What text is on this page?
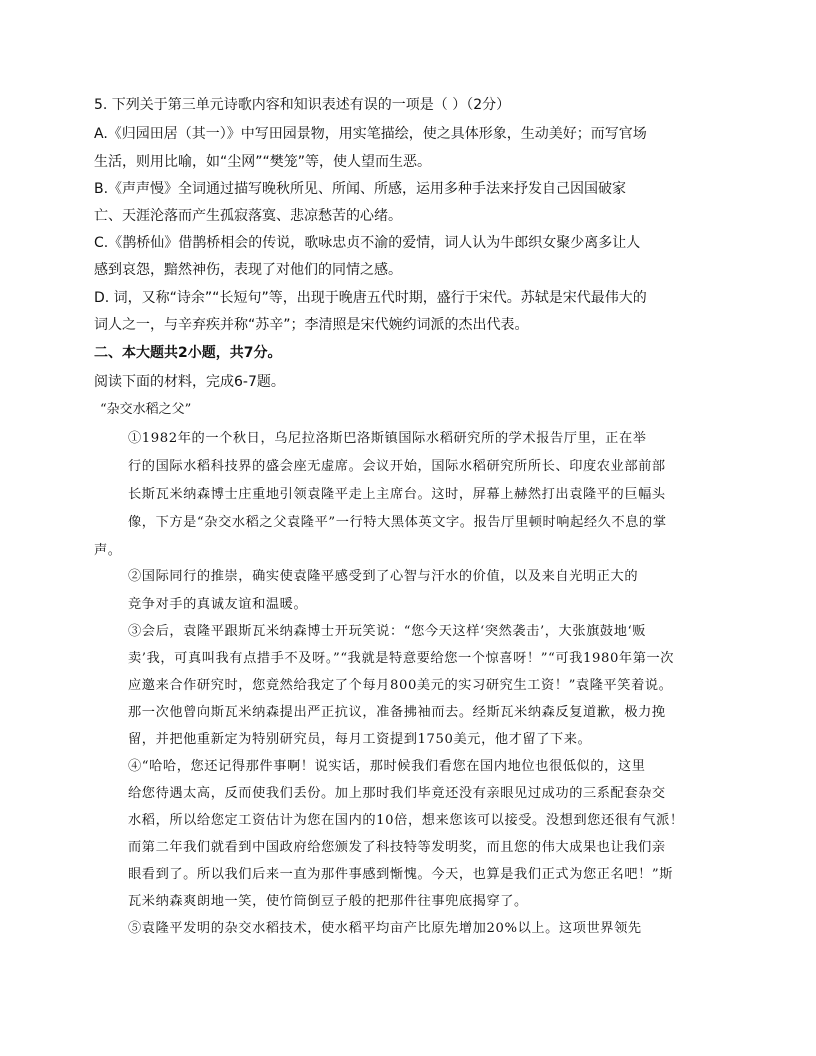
5. 下列关于第三单元诗歌内容和知识表述有误的一项是（ ）（2分）
A.《归园田居（其一）》中写田园景物，用实笔描绘，使之具体形象，生动美好；而写官场
生活，则用比喻，如“尘网”“樊笼”等，使人望而生恶。
B.《声声慢》全词通过描写晚秋所见、所闻、所感，运用多种手法来抒发自己因国破家
亡、天涯沦落而产生孤寂落寞、悲凉愁苦的心绪。
C.《鹊桥仙》借鹊桥相会的传说，歌咏忠贞不渝的爱情，词人认为牛郎织女聚少离多让人
感到哀怨，黯然神伤，表现了对他们的同情之感。
D. 词，又称“诗余”“长短句”等，出现于晚唐五代时期，盛行于宋代。苏轼是宋代最伟大的
词人之一，与辛弃疾并称“苏辛”；李清照是宋代婉约词派的杰出代表。
二、本大题共2小题，共7分。
阅读下面的材料，完成6-7题。
“杂交水稻之父”
①1982年的一个秋日，乌尼拉洛斯巴洛斯镇国际水稻研究所的学术报告厅里，正在举
行的国际水稻科技界的盛会座无虚席。会议开始，国际水稻研究所所长、印度农业部前部
长斯瓦米纳森博士庄重地引领袁隆平走上主席台。这时，屏幕上赫然打出袁隆平的巨幅头
像，下方是“杂交水稻之父袁隆平”一行特大黑体英文字。报告厅里顿时响起经久不息的掌
声。
②国际同行的推崇，确实使袁隆平感受到了心智与汗水的价值，以及来自光明正大的
竞争对手的真诚友谊和温暖。
③会后，袁隆平跟斯瓦米纳森博士开玩笑说：“您今天这样‘突然袭击’，大张旗鼓地‘贩
卖’我，可真叫我有点措手不及呀。”“我就是特意要给您一个惊喜呀！”“可我1980年第一次
应邀来合作研究时，您竟然给我定了个每月800美元的实习研究生工资！”袁隆平笑着说。
那一次他曾向斯瓦米纳森提出严正抗议，准备拂袖而去。经斯瓦米纳森反复道歉，极力挽
留，并把他重新定为特别研究员，每月工资提到1750美元，他才留了下来。
④“哈哈，您还记得那件事啊！说实话，那时候我们看您在国内地位也很低似的，这里
给您待遇太高，反而使我们丢份。加上那时我们毕竟还没有亲眼见过成功的三系配套杂交
水稻，所以给您定工资估计为您在国内的10倍，想来您该可以接受。没想到您还很有气派！
而第二年我们就看到中国政府给您颁发了科技特等发明奖，而且您的伟大成果也让我们亲
眼看到了。所以我们后来一直为那件事感到惭愧。今天，也算是我们正式为您正名吧！”斯
瓦米纳森爽朗地一笑，使竹筒倒豆子般的把那件往事兜底揭穿了。
⑤袁隆平发明的杂交水稻技术，使水稻平均亩产比原先增加20%以上。这项世界领先
